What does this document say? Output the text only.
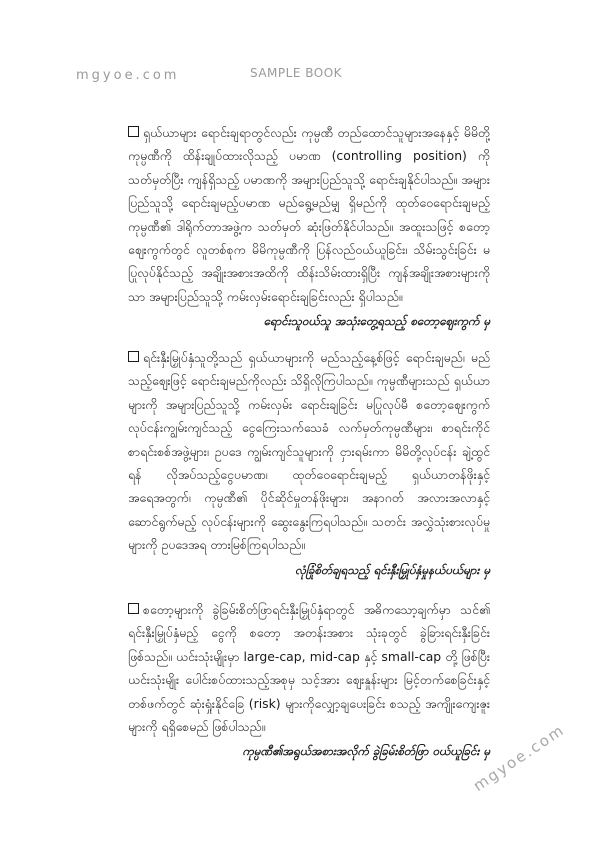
mgyoe.com	SAMPLE BOOK

ရှယ်ယာများ ရောင်းချရာတွင်လည်း ကုမ္ပဏီ တည်ထောင်သူများအနေနှင့် မိမိတို့ ကုမ္ပဏီကို ထိန်းချုပ်ထားလိုသည့် ပမာဏ (controlling position) ကို သတ်မှတ်ပြီး ကျန်ရှိသည့် ပမာဏကို အများပြည်သူသို့ ရောင်းချနိုင်ပါသည်။ အများပြည်သူသို့ ရောင်းချမည့်ပမာဏ မည်ရွေ့မည်မျှ ရှိမည်ကို ထုတ်ဝေရောင်းချမည့် ကုမ္ပဏီ၏ ဒါရိုက်တာအဖွဲ့က သတ်မှတ် ဆုံးဖြတ်နိုင်ပါသည်။ အထူးသဖြင့် စတော့ဈေးကွက်တွင် လူတစ်စုက မိမိကုမ္ပဏီကို ပြန်လည်ဝယ်ယူခြင်း၊ သိမ်းသွင်းခြင်း မပြုလုပ်နိုင်သည့် အချိုးအစားအထိကို ထိန်းသိမ်းထားရှိပြီး ကျန်အချိုးအစားများကိုသာ အများပြည်သူသို့ ကမ်းလှမ်းရောင်းချခြင်းလည်း ရှိပါသည်။

ရောင်းသူဝယ်သူ အသုံးတွေ့ရသည့် စတော့ဈေးကွက် မှ

ရင်းနှီးမြှုပ်နှံသူတို့သည် ရှယ်ယာများကို မည်သည့်နေ့စ်ဖြင့် ရောင်းချမည်၊ မည်သည့်ဈေးဖြင့် ရောင်းချမည်ကိုလည်း သိရှိလိုကြပါသည်။ ကုမ္ပဏီများသည် ရှယ်ယာများကို အများပြည်သူသို့ ကမ်းလှမ်း ရောင်းချခြင်း မပြုလုပ်မီ စတော့ဈေးကွက် လုပ်ငန်းကျွမ်းကျင်သည့် ငွေကြေးသက်သေခံ လက်မှတ်ကုမ္ပဏီများ၊ စာရင်းကိုင် စာရင်းစစ်အဖွဲ့များ၊ ဥပဒေ ကျွမ်းကျင်သူများကို ငှားရမ်းကာ မိမိတို့လုပ်ငန်း ချဲ့ထွင်ရန် လိုအပ်သည့်ငွေပမာဏ၊ ထုတ်ဝေရောင်းချမည့် ရှယ်ယာတန်ဖိုးနှင့် အရေအတွက်၊ ကုမ္ပဏီ၏ ပိုင်ဆိုင်မှုတန်ဖိုးများ၊ အနာဂတ် အလားအလာနှင့် ဆောင်ရွက်မည့် လုပ်ငန်းများကို ဆွေးနွေးကြရပါသည်။ သတင်း အလွှဲသုံးစားလုပ်မှုများကို ဥပဒေအရ တားမြစ်ကြရပါသည်။

လုံခြုံစိတ်ချရသည့် ရင်းနှီးမြှုပ်နှံမှုနယ်ပယ်များ မှ

စတော့များကို ခွဲခြမ်းစိတ်ဖြာရင်းနှီးမြှုပ်နှံရာတွင် အဓိကသော့ချက်မှာ သင်၏ ရင်းနှီးမြှုပ်နှံမည့် ငွေကို စတော့ အတန်းအစား သုံးခုတွင် ခွဲခြားရင်းနှီးခြင်း ဖြစ်သည်။ ယင်းသုံးမျိုးမှာ large-cap, mid-cap နှင့် small-cap တို့ ဖြစ်ပြီး ယင်းသုံးမျိုး ပေါင်းစပ်ထားသည့်အစုမှ သင့်အား ဈေးနှုန်းများ မြင့်တက်စေခြင်းနှင့် တစ်ဖက်တွင် ဆုံးရှုံးနိုင်ခြေ (risk) များကိုလျှော့ချပေးခြင်း စသည့် အကျိုးကျေးဇူးများကို ရရှိစေမည် ဖြစ်ပါသည်။

ကုမ္ပဏီ၏အရွယ်အစားအလိုက် ခွဲခြမ်းစိတ်ဖြာ ဝယ်ယူခြင်း မှ
mgyoe.com
